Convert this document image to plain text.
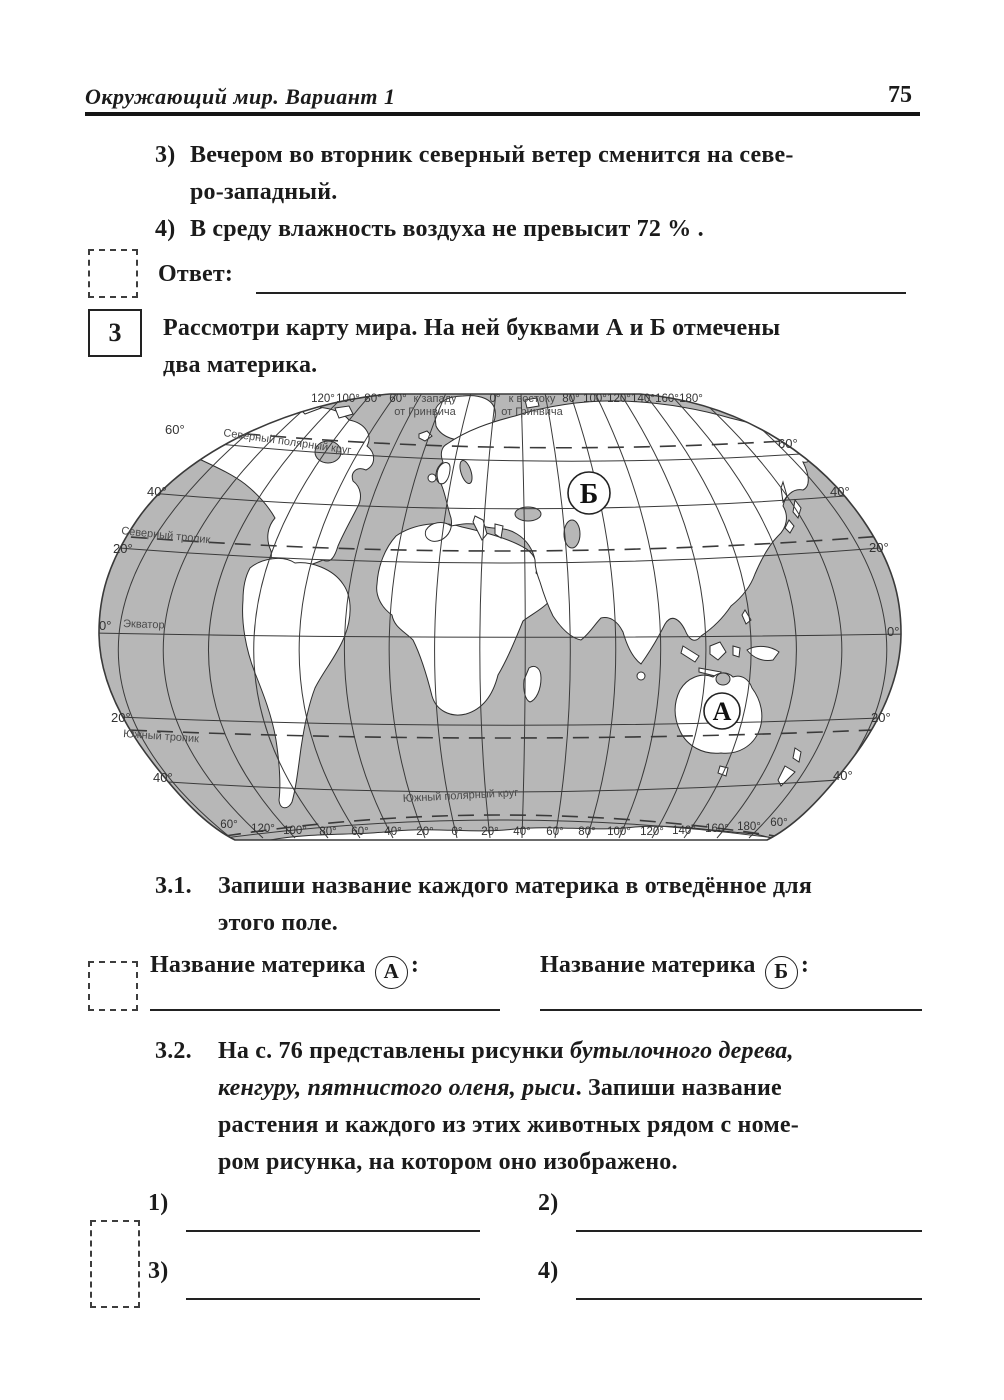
Окружающий мир. Вариант 1	75
3) Вечером во вторник северный ветер сменится на севе-
ро-западный.
4) В среду влажность воздуха не превысит 72 % .
Ответ:
3 Рассмотри карту мира. На ней буквами А и Б отмечены
два материка.
120° 100° 80° 60° к западу
от Гринвича
0° к востоку
от Гринвича
80° 100° 120° 140° 160° 180°
60° 120° 100° 80° 60° 40° 20° 0° 20° 40° 60° 80° 100° 120° 140° 160° 180° 60°
60°
40°
20°
0°
20°
40°
60°
40°
20°
0°
20°
40°
Северный полярный круг
Северный тропик
Экватор
Южный тропик
Южный полярный круг
Б
А
3.1. Запиши название каждого материка в отведённое для
этого поле.
Название материка А :	Название материка Б :
3.2. На с. 76 представлены рисунки бутылочного дерева,
кенгуру, пятнистого оленя, рыси. Запиши название
растения и каждого из этих животных рядом с номе-
ром рисунка, на котором оно изображено.
1)	2)
3)	4)
